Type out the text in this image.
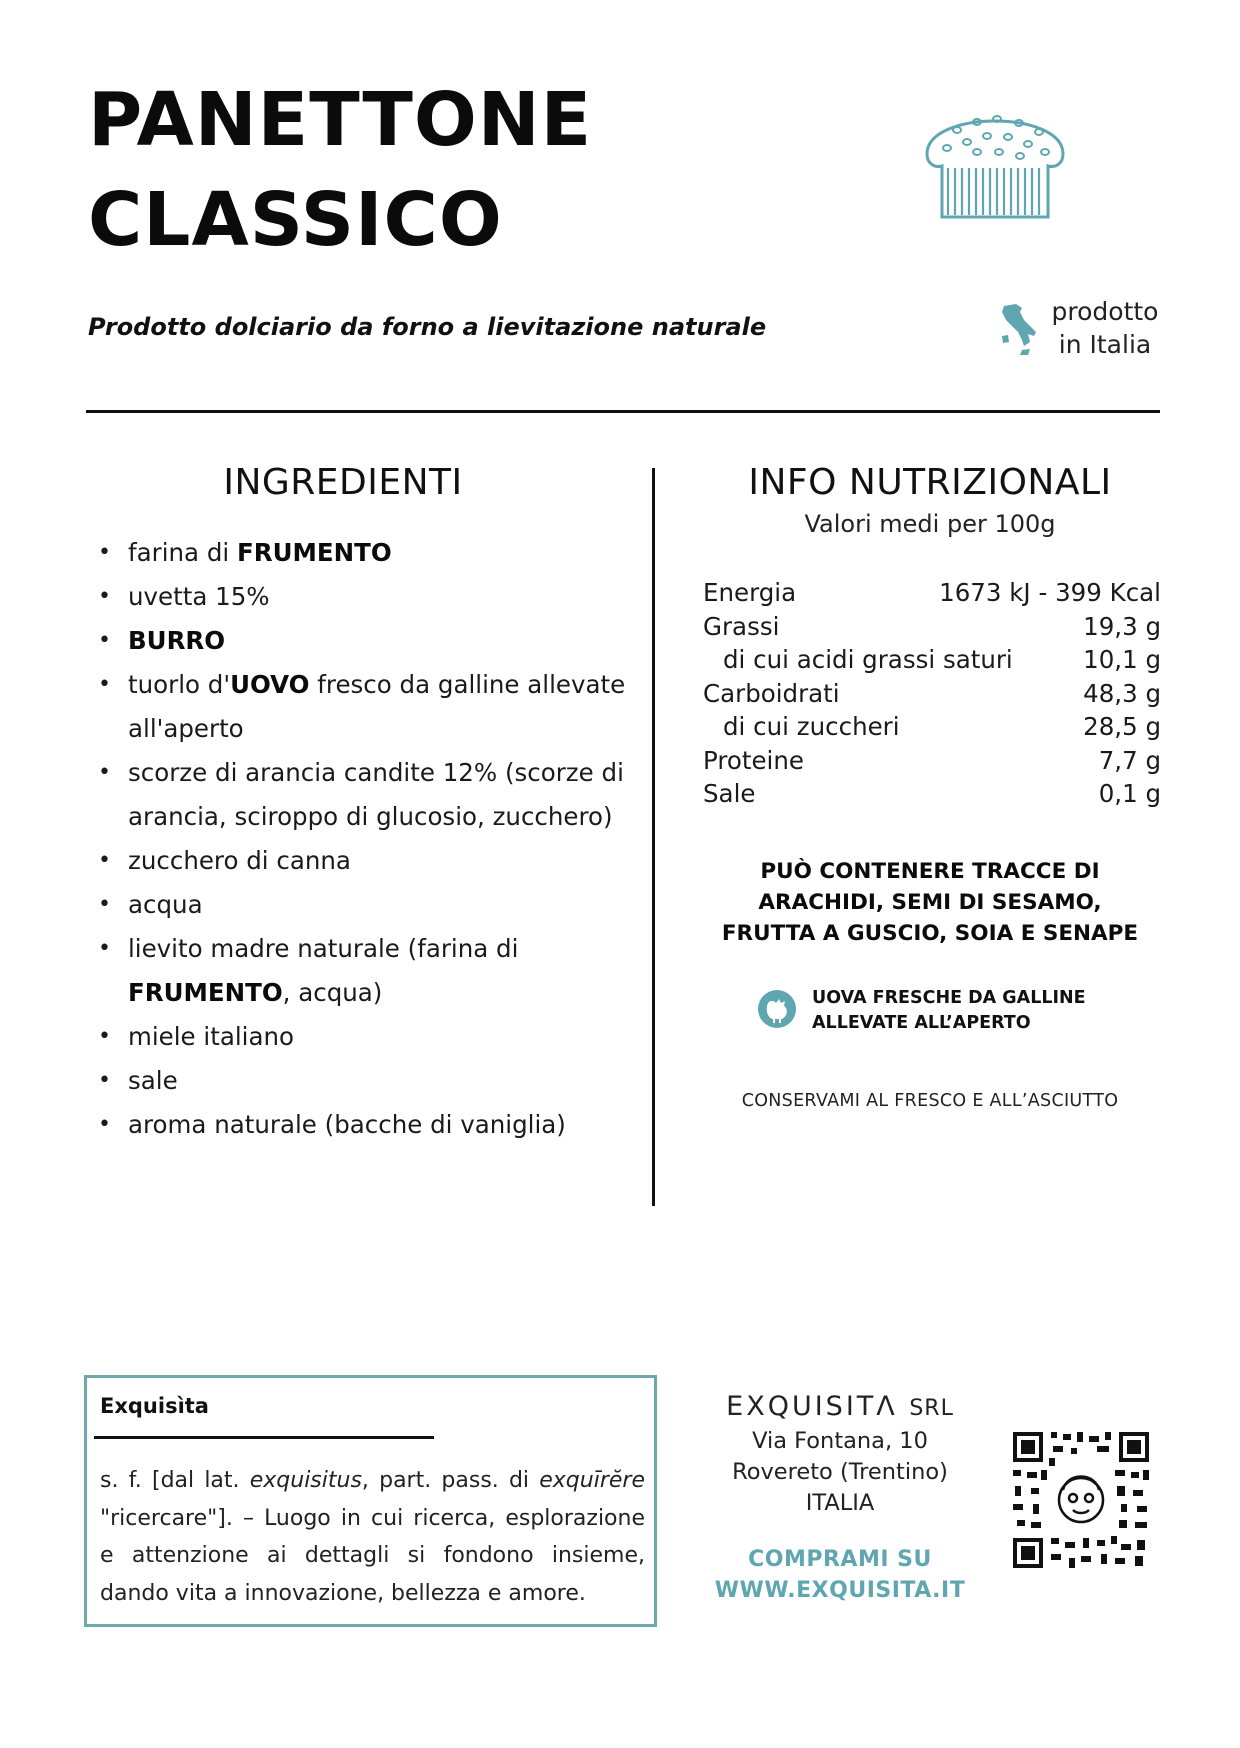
PANETTONE
CLASSICO
Prodotto dolciario da forno a lievitazione naturale
prodotto
in Italia
INGREDIENTI
• farina di FRUMENTO
• uvetta 15%
• BURRO
• tuorlo d'UOVO fresco da galline allevate all'aperto
• scorze di arancia candite 12% (scorze di arancia, sciroppo di glucosio, zucchero)
• zucchero di canna
• acqua
• lievito madre naturale (farina di FRUMENTO, acqua)
• miele italiano
• sale
• aroma naturale (bacche di vaniglia)
INFO NUTRIZIONALI
Valori medi per 100g
Energia	1673 kJ - 399 Kcal
Grassi	19,3 g
di cui acidi grassi saturi	10,1 g
Carboidrati	48,3 g
di cui zuccheri	28,5 g
Proteine	7,7 g
Sale	0,1 g
PUÒ CONTENERE TRACCE DI
ARACHIDI, SEMI DI SESAMO,
FRUTTA A GUSCIO, SOIA E SENAPE
UOVA FRESCHE DA GALLINE
ALLEVATE ALL’APERTO
CONSERVAMI AL FRESCO E ALL’ASCIUTTO
Exquisìta
s. f. [dal lat. exquisitus, part. pass. di exquīrĕre "ricercare"]. – Luogo in cui ricerca, esplorazione e attenzione ai dettagli si fondono insieme, dando vita a innovazione, bellezza e amore.
EXQUISITΛ SRL
Via Fontana, 10
Rovereto (Trentino)
ITALIA
COMPRAMI SU
WWW.EXQUISITA.IT
